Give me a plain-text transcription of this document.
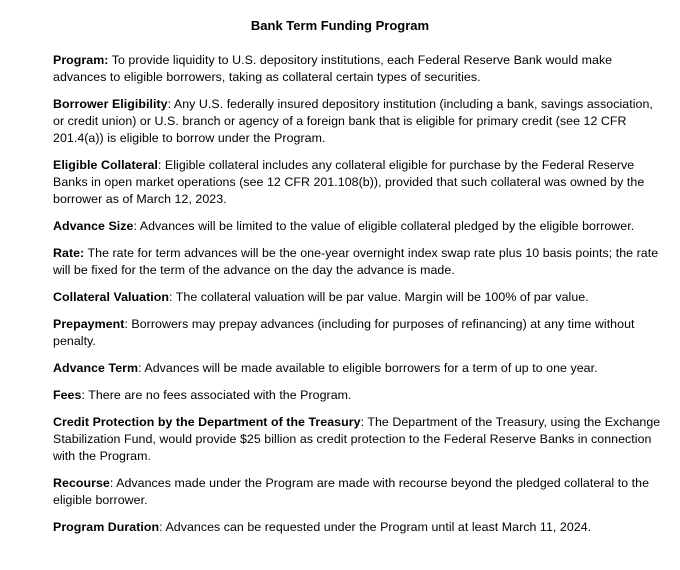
Bank Term Funding Program

Program: To provide liquidity to U.S. depository institutions, each Federal Reserve Bank would make advances to eligible borrowers, taking as collateral certain types of securities.

Borrower Eligibility: Any U.S. federally insured depository institution (including a bank, savings association, or credit union) or U.S. branch or agency of a foreign bank that is eligible for primary credit (see 12 CFR 201.4(a)) is eligible to borrow under the Program.

Eligible Collateral: Eligible collateral includes any collateral eligible for purchase by the Federal Reserve Banks in open market operations (see 12 CFR 201.108(b)), provided that such collateral was owned by the borrower as of March 12, 2023.

Advance Size: Advances will be limited to the value of eligible collateral pledged by the eligible borrower.

Rate: The rate for term advances will be the one-year overnight index swap rate plus 10 basis points; the rate will be fixed for the term of the advance on the day the advance is made.

Collateral Valuation: The collateral valuation will be par value. Margin will be 100% of par value.

Prepayment: Borrowers may prepay advances (including for purposes of refinancing) at any time without penalty.

Advance Term: Advances will be made available to eligible borrowers for a term of up to one year.

Fees: There are no fees associated with the Program.

Credit Protection by the Department of the Treasury: The Department of the Treasury, using the Exchange Stabilization Fund, would provide $25 billion as credit protection to the Federal Reserve Banks in connection with the Program.

Recourse: Advances made under the Program are made with recourse beyond the pledged collateral to the eligible borrower.

Program Duration: Advances can be requested under the Program until at least March 11, 2024.
